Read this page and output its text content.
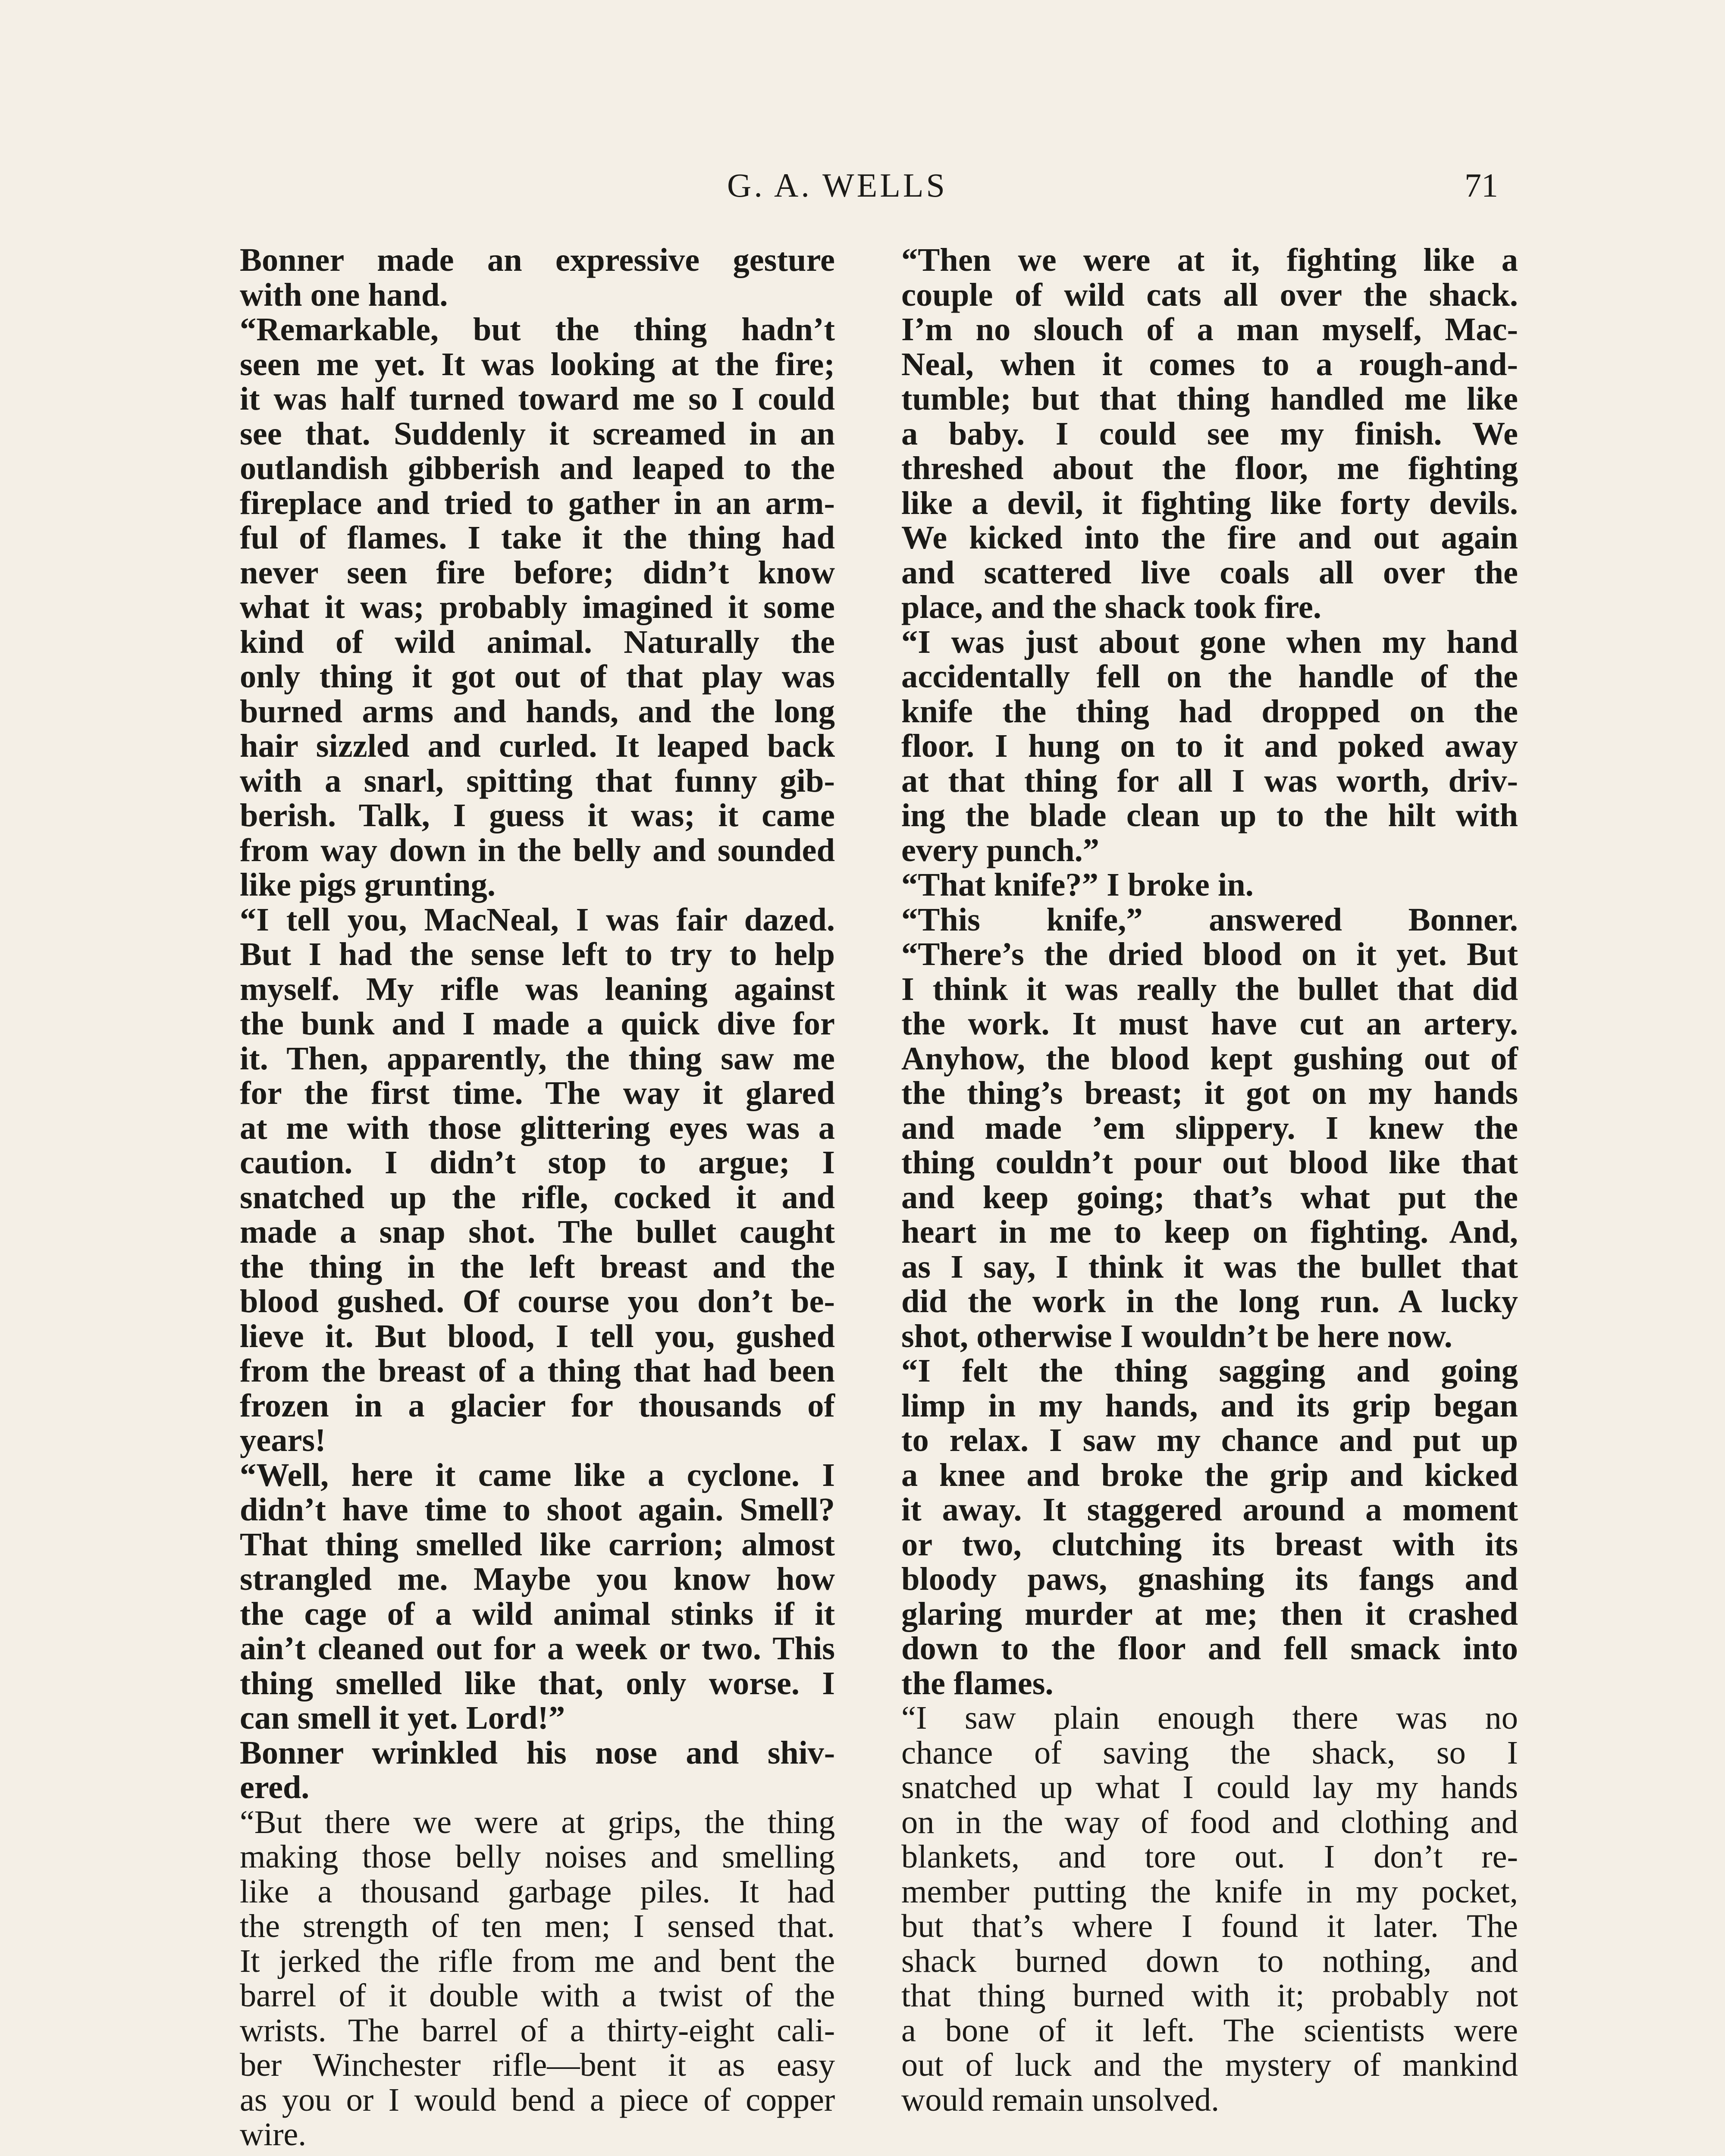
G. A. WELLS	71
Bonner made an expressive gesture
with one hand.
“Remarkable, but the thing hadn’t
seen me yet. It was looking at the fire;
it was half turned toward me so I could
see that. Suddenly it screamed in an
outlandish gibberish and leaped to the
fireplace and tried to gather in an arm-
ful of flames. I take it the thing had
never seen fire before; didn’t know
what it was; probably imagined it some
kind of wild animal. Naturally the
only thing it got out of that play was
burned arms and hands, and the long
hair sizzled and curled. It leaped back
with a snarl, spitting that funny gib-
berish. Talk, I guess it was; it came
from way down in the belly and sounded
like pigs grunting.
“I tell you, MacNeal, I was fair dazed.
But I had the sense left to try to help
myself. My rifle was leaning against
the bunk and I made a quick dive for
it. Then, apparently, the thing saw me
for the first time. The way it glared
at me with those glittering eyes was a
caution. I didn’t stop to argue; I
snatched up the rifle, cocked it and
made a snap shot. The bullet caught
the thing in the left breast and the
blood gushed. Of course you don’t be-
lieve it. But blood, I tell you, gushed
from the breast of a thing that had been
frozen in a glacier for thousands of
years!
“Well, here it came like a cyclone. I
didn’t have time to shoot again. Smell?
That thing smelled like carrion; almost
strangled me. Maybe you know how
the cage of a wild animal stinks if it
ain’t cleaned out for a week or two. This
thing smelled like that, only worse. I
can smell it yet. Lord!”
Bonner wrinkled his nose and shiv-
ered.
“But there we were at grips, the thing
making those belly noises and smelling
like a thousand garbage piles. It had
the strength of ten men; I sensed that.
It jerked the rifle from me and bent the
barrel of it double with a twist of the
wrists. The barrel of a thirty-eight cali-
ber Winchester rifle—bent it as easy
as you or I would bend a piece of copper
wire.
“Then we were at it, fighting like a
couple of wild cats all over the shack.
I’m no slouch of a man myself, Mac-
Neal, when it comes to a rough-and-
tumble; but that thing handled me like
a baby. I could see my finish. We
threshed about the floor, me fighting
like a devil, it fighting like forty devils.
We kicked into the fire and out again
and scattered live coals all over the
place, and the shack took fire.
“I was just about gone when my hand
accidentally fell on the handle of the
knife the thing had dropped on the
floor. I hung on to it and poked away
at that thing for all I was worth, driv-
ing the blade clean up to the hilt with
every punch.”
“That knife?” I broke in.
“This knife,” answered Bonner.
“There’s the dried blood on it yet. But
I think it was really the bullet that did
the work. It must have cut an artery.
Anyhow, the blood kept gushing out of
the thing’s breast; it got on my hands
and made ’em slippery. I knew the
thing couldn’t pour out blood like that
and keep going; that’s what put the
heart in me to keep on fighting. And,
as I say, I think it was the bullet that
did the work in the long run. A lucky
shot, otherwise I wouldn’t be here now.
“I felt the thing sagging and going
limp in my hands, and its grip began
to relax. I saw my chance and put up
a knee and broke the grip and kicked
it away. It staggered around a moment
or two, clutching its breast with its
bloody paws, gnashing its fangs and
glaring murder at me; then it crashed
down to the floor and fell smack into
the flames.
“I saw plain enough there was no
chance of saving the shack, so I
snatched up what I could lay my hands
on in the way of food and clothing and
blankets, and tore out. I don’t re-
member putting the knife in my pocket,
but that’s where I found it later. The
shack burned down to nothing, and
that thing burned with it; probably not
a bone of it left. The scientists were
out of luck and the mystery of mankind
would remain unsolved.
